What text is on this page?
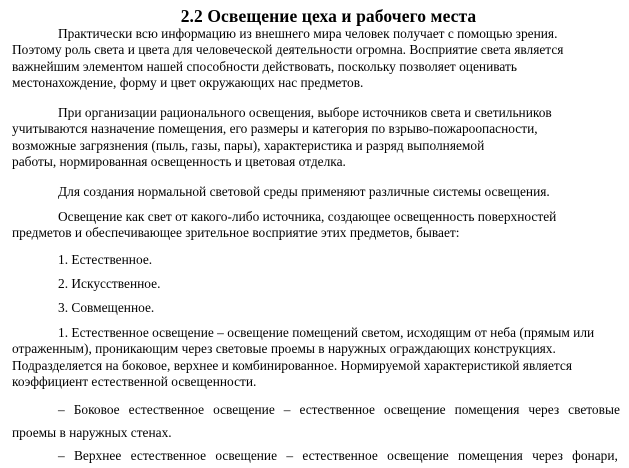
2.2 Освещение цеха и рабочего места
Практически всю информацию из внешнего мира человек получает с помощью зрения.
Поэтому роль света и цвета для человеческой деятельности огромна. Восприятие света является
важнейшим элементом нашей способности действовать, поскольку позволяет оценивать
местонахождение, форму и цвет окружающих нас предметов.
При организации рационального освещения, выборе источников света и светильников
учитываются назначение помещения, его размеры и категория по взрыво-пожароопасности,
возможные загрязнения (пыль, газы, пары), характеристика и разряд выполняемой
работы, нормированная освещенность и цветовая отделка.
Для создания нормальной световой среды применяют различные системы освещения.
Освещение как свет от какого-либо источника, создающее освещенность поверхностей
предметов и обеспечивающее зрительное восприятие этих предметов, бывает:
1. Естественное.
2. Искусственное.
3. Совмещенное.
1. Естественное освещение – освещение помещений светом, исходящим от неба (прямым или
отраженным), проникающим через световые проемы в наружных ограждающих конструкциях.
Подразделяется на боковое, верхнее и комбинированное. Нормируемой характеристикой является
коэффициент естественной освещенности.
– Боковое естественное освещение – естественное освещение помещения через световые
проемы в наружных стенах.
– Верхнее естественное освещение – естественное освещение помещения через фонари,
